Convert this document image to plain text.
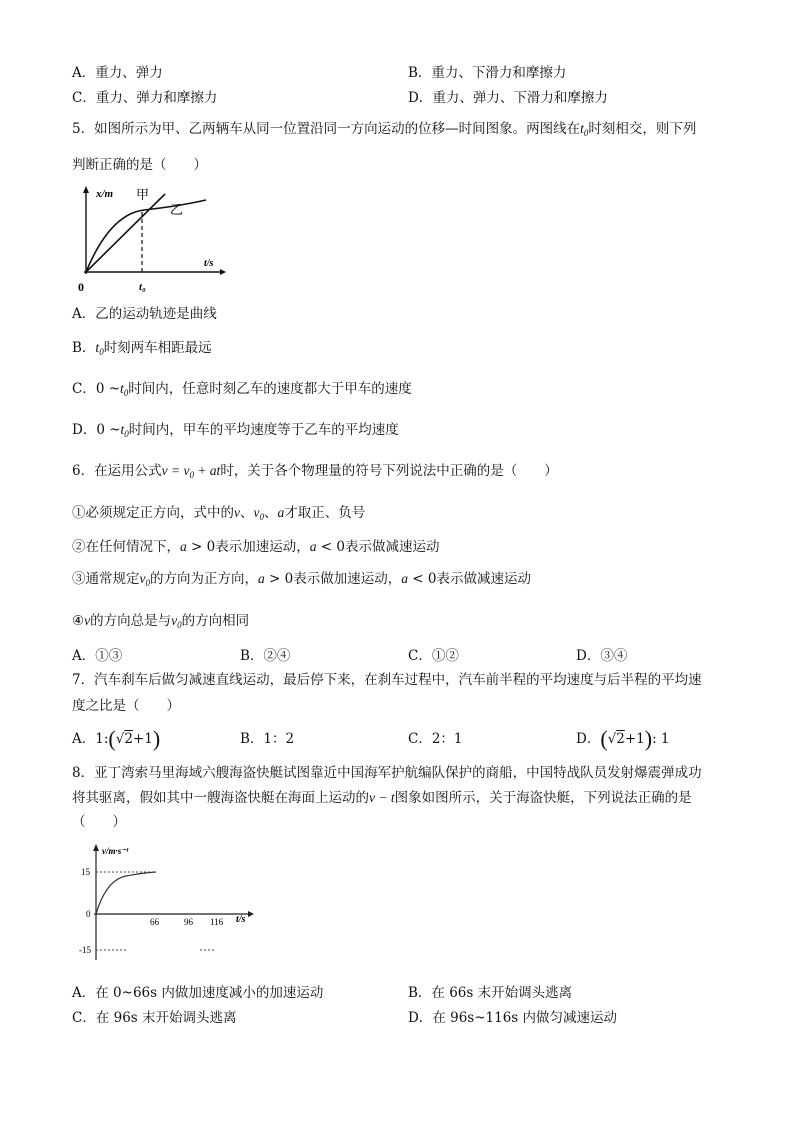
A．重力、弹力	B．重力、下滑力和摩擦力
C．重力、弹力和摩擦力	D．重力、弹力、下滑力和摩擦力
5．如图所示为甲、乙两辆车从同一位置沿同一方向运动的位移—时间图象。两图线在$t_0$时刻相交，则下列
判断正确的是（　　）
x/m
t/s
0	t₀
甲
乙
A．乙的运动轨迹是曲线
B．$t_0$时刻两车相距最远
C．0 $\sim t_0$时间内，任意时刻乙车的速度都大于甲车的速度
D．0 $\sim t_0$时间内，甲车的平均速度等于乙车的平均速度
6．在运用公式$v = v_0$ + at时，关于各个物理量的符号下列说法中正确的是（　　）
①必须规定正方向，式中的v、$v_0$、a才取正、负号
②在任何情况下，a > 0表示加速运动，a < 0表示做减速运动
③通常规定$v_0$的方向为正方向，a > 0表示做加速运动，a < 0表示做减速运动
④v的方向总是与$v_0$的方向相同
A．①③	B．②④	C．①②	D．③④
7．汽车刹车后做匀减速直线运动，最后停下来，在刹车过程中，汽车前半程的平均速度与后半程的平均速
度之比是（　　）
A．1:(√2+1)	B．1：2	C．2：1	D．(√2+1): 1
8．亚丁湾索马里海域六艘海盗快艇试图靠近中国海军护航编队保护的商船，中国特战队员发射爆震弹成功
将其驱离，假如其中一艘海盗快艇在海面上运动的v − t图象如图所示，关于海盗快艇，下列说法正确的是
（　　）
v/m·s⁻¹
t/s
15
0
-15
66	96 116
A．在 0~66s 内做加速度减小的加速运动	B．在 66s 末开始调头逃离
C．在 96s 末开始调头逃离	D．在 96s~116s 内做匀减速运动
